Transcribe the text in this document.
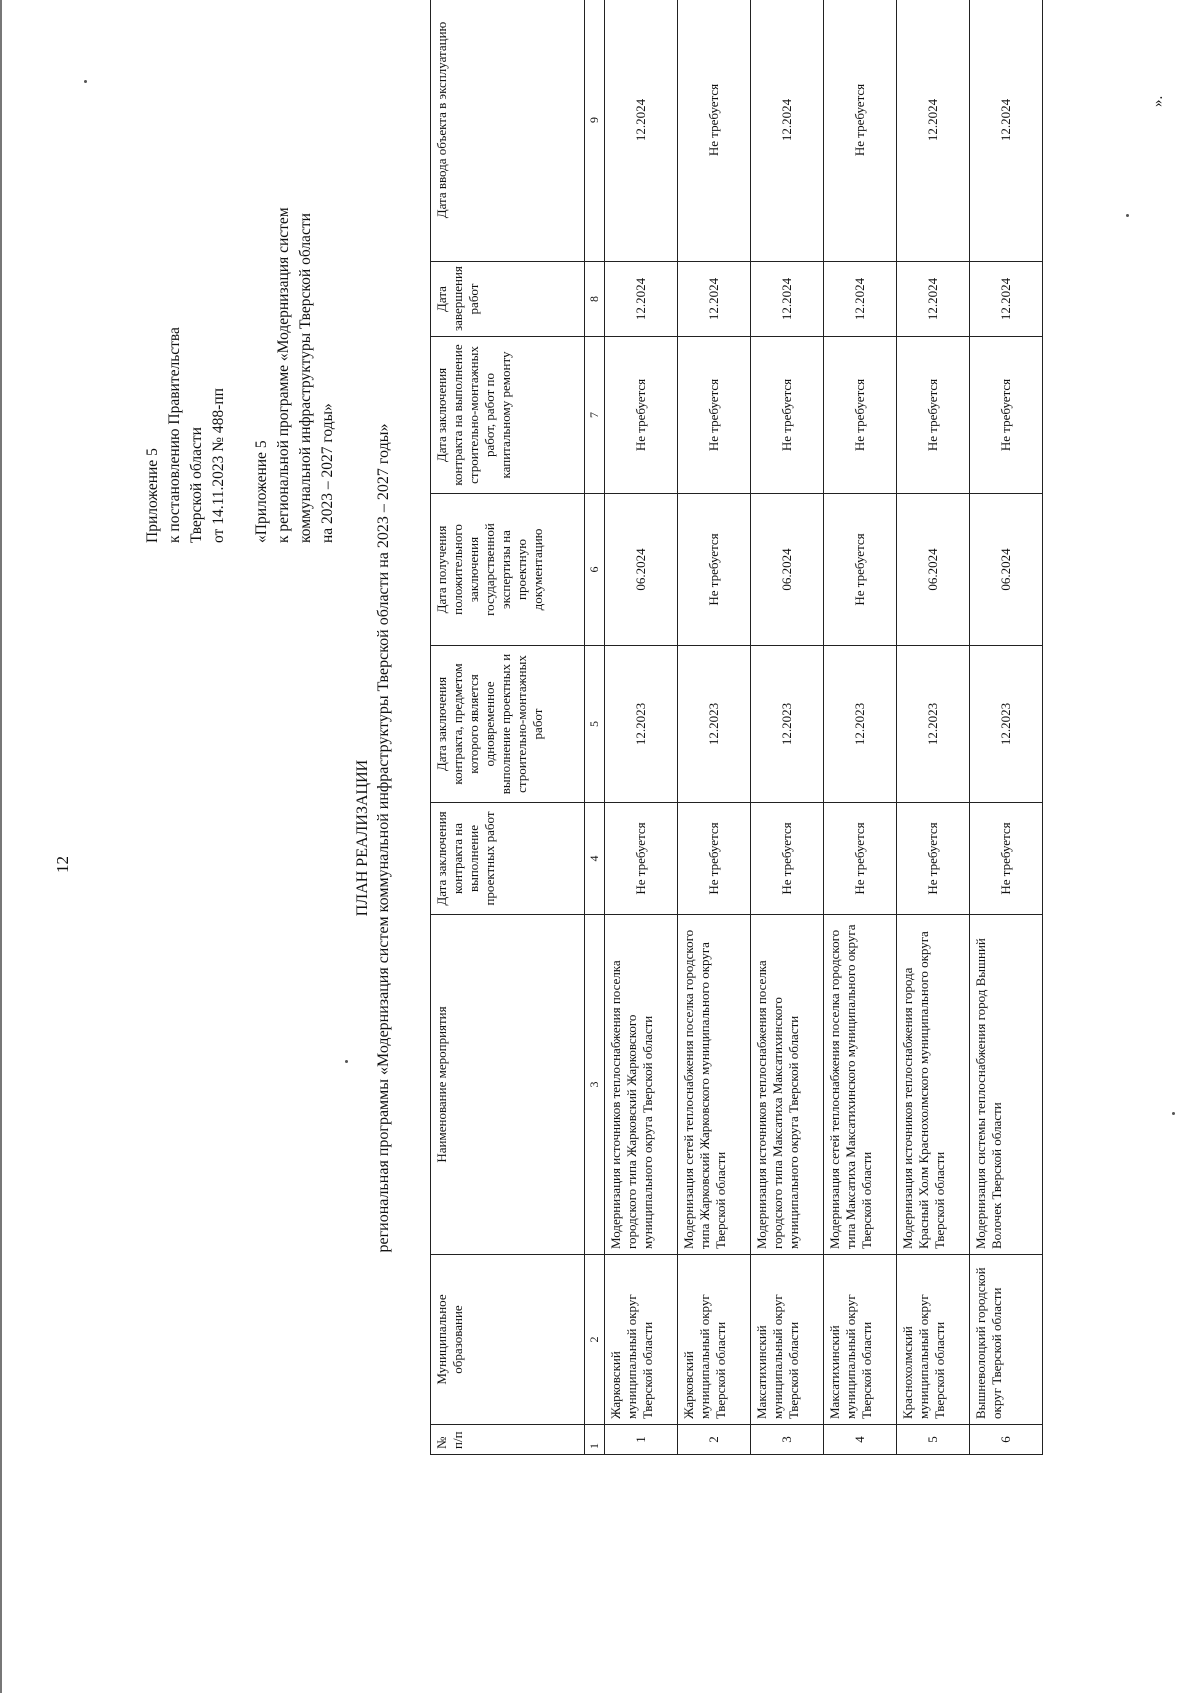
12
Приложение 5 к постановлению Правительства Тверской области от 14.11.2023 № 488-пп «Приложение 5 к региональной программе «Модернизация систем коммунальной инфраструктуры Тверской области на 2023 – 2027 годы»
ПЛАН РЕАЛИЗАЦИИ региональная программы «Модернизация систем коммунальной инфраструктуры Тверской области на 2023 – 2027 годы»
№ п/п	Муниципальное образование	Наименование мероприятия	Дата заключения контракта на выполнение проектных работ	Дата заключения контракта, предметом которого является одновременное выполнение проектных и строительно-монтажных работ	Дата получения положительного заключения государственной экспертизы на проектную документацию	Дата заключения контракта на выполнение строительно-монтажных работ, работ по капитальному ремонту	Дата завершения работ	Дата ввода объекта в эксплуатацию
1	2	3	4	5	6	7	8	9
1	Жарковский муниципальный округ Тверской области	Модернизация источников теплоснабжения поселка городского типа Жарковский Жарковского муниципального округа Тверской области	Не требуется	12.2023	06.2024	Не требуется	12.2024	12.2024
2	Жарковский муниципальный округ Тверской области	Модернизация сетей теплоснабжения поселка городского типа Жарковский Жарковского муниципального округа Тверской области	Не требуется	12.2023	Не требуется	Не требуется	12.2024	Не требуется
3	Максатихинский муниципальный округ Тверской области	Модернизация источников теплоснабжения поселка городского типа Максатиха Максатихинского муниципального округа Тверской области	Не требуется	12.2023	06.2024	Не требуется	12.2024	12.2024
4	Максатихинский муниципальный округ Тверской области	Модернизация сетей теплоснабжения поселка городского типа Максатиха Максатихинского муниципального округа Тверской области	Не требуется	12.2023	Не требуется	Не требуется	12.2024	Не требуется
5	Краснохолмский муниципальный округ Тверской области	Модернизация источников теплоснабжения города Красный Холм Краснохолмского муниципального округа Тверской области	Не требуется	12.2023	06.2024	Не требуется	12.2024	12.2024
6	Вышневолоцкий городской округ Тверской области	Модернизация системы теплоснабжения город Вышний Волочек Тверской области	Не требуется	12.2023	06.2024	Не требуется	12.2024	12.2024	».
